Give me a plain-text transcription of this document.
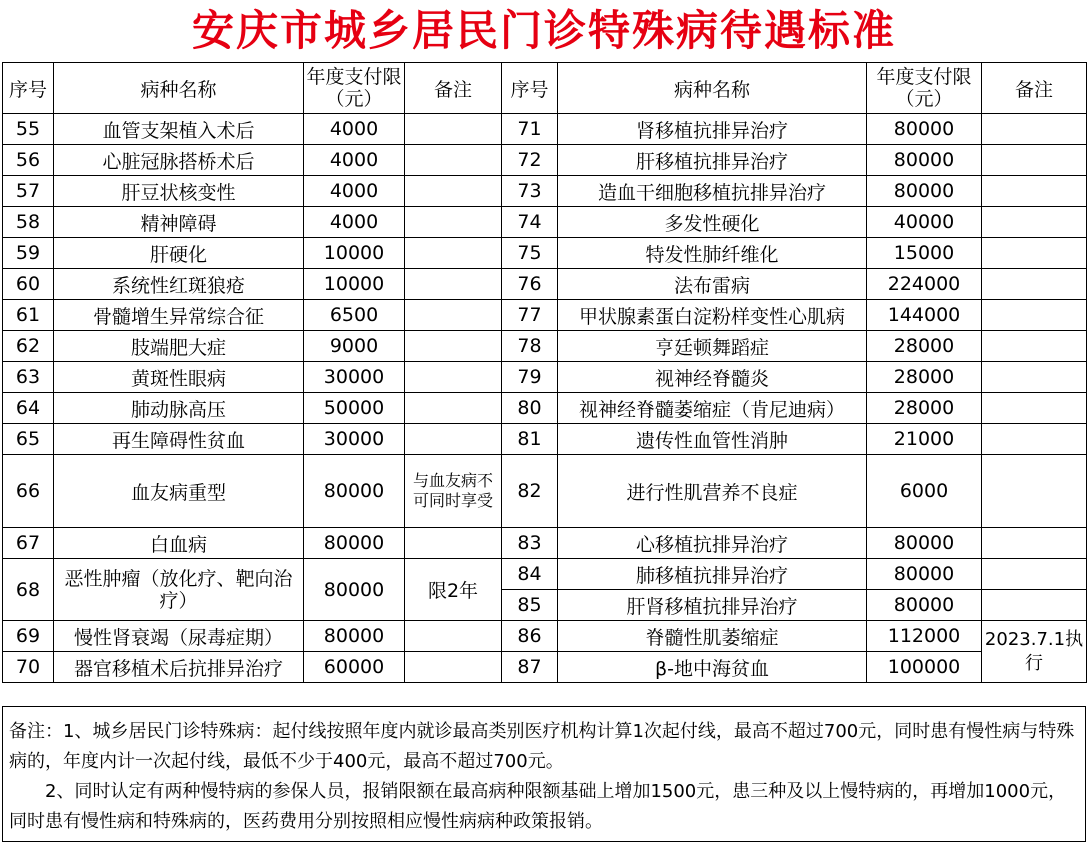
安庆市城乡居民门诊特殊病待遇标准
序号	病种名称	年度支付限（元）	备注	序号	病种名称	年度支付限（元）	备注
55	血管支架植入术后	4000		71	肾移植抗排异治疗	80000	
56	心脏冠脉搭桥术后	4000		72	肝移植抗排异治疗	80000	
57	肝豆状核变性	4000		73	造血干细胞移植抗排异治疗	80000	
58	精神障碍	4000		74	多发性硬化	40000	
59	肝硬化	10000		75	特发性肺纤维化	15000	
60	系统性红斑狼疮	10000		76	法布雷病	224000	
61	骨髓增生异常综合征	6500		77	甲状腺素蛋白淀粉样变性心肌病	144000	
62	肢端肥大症	9000		78	亨廷顿舞蹈症	28000	
63	黄斑性眼病	30000		79	视神经脊髓炎	28000	
64	肺动脉高压	50000		80	视神经脊髓萎缩症（肯尼迪病）	28000	
65	再生障碍性贫血	30000		81	遗传性血管性消肿	21000	
66	血友病重型	80000	与血友病不可同时享受	82	进行性肌营养不良症	6000	
67	白血病	80000		83	心移植抗排异治疗	80000	
68	恶性肿瘤（放化疗、靶向治疗）	80000	限2年	84	肺移植抗排异治疗	80000	
				85	肝肾移植抗排异治疗	80000	
69	慢性肾衰竭（尿毒症期）	80000		86	脊髓性肌萎缩症	112000	2023.7.1执行
70	器官移植术后抗排异治疗	60000		87	β-地中海贫血	100000	

备注：1、城乡居民门诊特殊病：起付线按照年度内就诊最高类别医疗机构计算1次起付线，最高不超过700元，同时患有慢性病与特殊病的，年度内计一次起付线，最低不少于400元，最高不超过700元。

2、同时认定有两种慢特病的参保人员，报销限额在最高病种限额基础上增加1500元，患三种及以上慢特病的，再增加1000元，同时患有慢性病和特殊病的，医药费用分别按照相应慢性病病种政策报销。
